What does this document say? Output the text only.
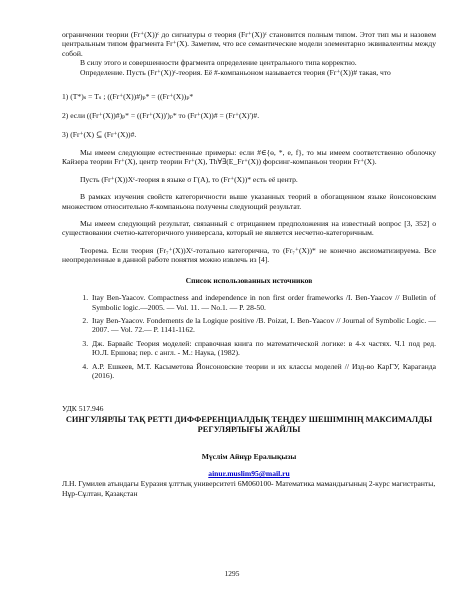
ограничении теории (Fr⁺(X))ᶜ до сигнатуры σ теория (Fr⁺(X))ᶜ становится полным типом. Этот тип мы и назовем центральным типом фрагмента Fr⁺(X). Заметим, что все семантические модели элементарно эквивалентны между собой.

В силу этого и совершенности фрагмента определение центрального типа корректно.

Определение. Пусть (Fr⁺(X))ᶜ-теория. Её #-компаньоном называется теория (Fr⁺(X))# такая, что

1) (T*)ₛ = Tₛ ; ((Fr⁺(X))#)ₚ* = ((Fr⁺(X))ₚ*

2) если ((Fr⁺(X))#)ₚ* = ((Fr⁺(X))')ₚ* то (Fr⁺(X))# = (Fr⁺(X)')#.

3) (Fr⁺(X) ⊆ (Fr⁺(X))#.

Мы имеем следующие естественные примеры: если #∈{ɵ, *, e, f}, то мы имеем соответственно оболочку Кайзера теории Fr⁺(X), центр теории Fr⁺(X), Th∀∃(E_Fr⁺(X)) форсинг-компаньон теории Fr⁺(X).

Пусть (Fr⁺(X))Xᶜ-теория в языке σ Γ(A), то (Fr⁺(X))* есть её центр.

В рамках изучения свойств категоричности выше указанных теорий в обогащенном языке йонсоновским множеством относительно #-компаньона получены следующий результат.

Мы имеем следующий результат, связанный с отрицанием предположения на известный вопрос [3, 352] о существовании счетно-категоричного универсала, который не является несчетно-категоричным.

Теорема. Если теория (Fr₇⁺(X))Xᶜ-тотально категорична, то (Fr₇⁺(X))* не конечно аксиоматизируема. Все неопределенные в данной работе понятия можно извлечь из [4].

Список использованных источников
1. Itay Ben-Yaacov. Compactness and independence in non first order frameworks /I. Ben-Yaacov // Bulletin of Symbolic logic.—2005. — Vol. 11. — No.1. — P. 28-50.
2. Itay Ben-Yaacov. Fondements de la Logique positive /B. Poizat, I. Ben-Yaacov // Journal of Symbolic Logic. —2007. — Vol. 72.— P. 1141-1162.
3. Дж. Барвайс Теория моделей: справочная книга по математической логике: в 4-х частях. Ч.1 под ред. Ю.Л. Ершова; пер. с англ. - М.: Наука, (1982).
4. А.Р. Ешкеев, М.Т. Касыметова Йонсоновские теории и их классы моделей // Изд-во КарГУ, Караганда (2016).
УДК 517.946
СИНГУЛЯРЛЫ ТАҚ РЕТТІ ДИФФЕРЕНЦИАЛДЫҚ ТЕҢДЕУ ШЕШІМІНІҢ МАКСИМАЛДЫ РЕГУЛЯРЛЫҒЫ ЖАЙЛЫ
Мүслім Айнұр Ералықызы
ainur.muslim95@mail.ru
Л.Н. Гумилев атындағы Еуразия ұлттық университеті 6М060100- Математика мамандығының 2-курс магистранты, Нұр-Сұлтан, Қазақстан
1295
